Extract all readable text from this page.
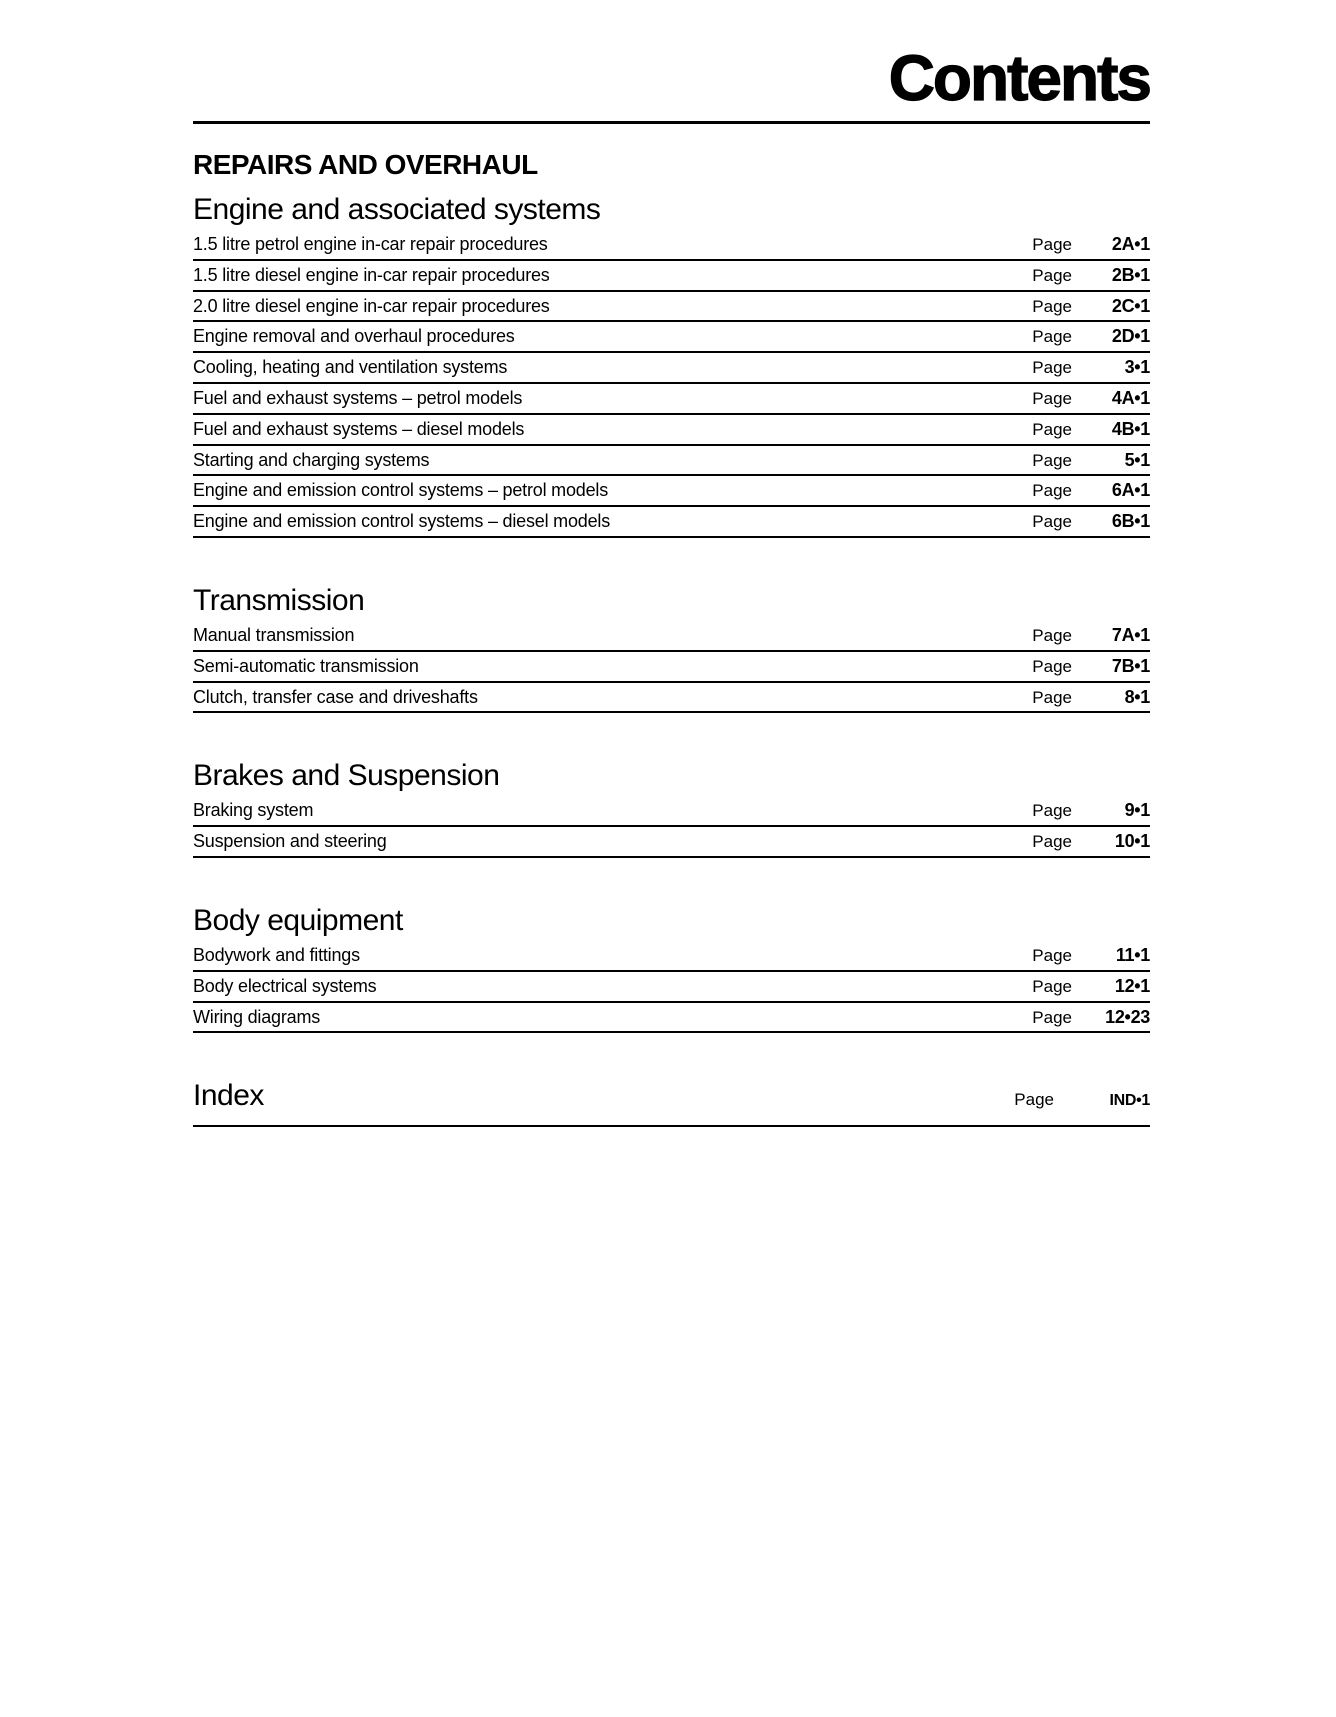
Contents
REPAIRS AND OVERHAUL
Engine and associated systems
1.5 litre petrol engine in-car repair procedures	Page	2A•1
1.5 litre diesel engine in-car repair procedures	Page	2B•1
2.0 litre diesel engine in-car repair procedures	Page	2C•1
Engine removal and overhaul procedures	Page	2D•1
Cooling, heating and ventilation systems	Page	3•1
Fuel and exhaust systems – petrol models	Page	4A•1
Fuel and exhaust systems – diesel models	Page	4B•1
Starting and charging systems	Page	5•1
Engine and emission control systems – petrol models	Page	6A•1
Engine and emission control systems – diesel models	Page	6B•1
Transmission
Manual transmission	Page	7A•1
Semi-automatic transmission	Page	7B•1
Clutch, transfer case and driveshafts	Page	8•1
Brakes and Suspension
Braking system	Page	9•1
Suspension and steering	Page	10•1
Body equipment
Bodywork and fittings	Page	11•1
Body electrical systems	Page	12•1
Wiring diagrams	Page	12•23
Index	Page	IND•1
